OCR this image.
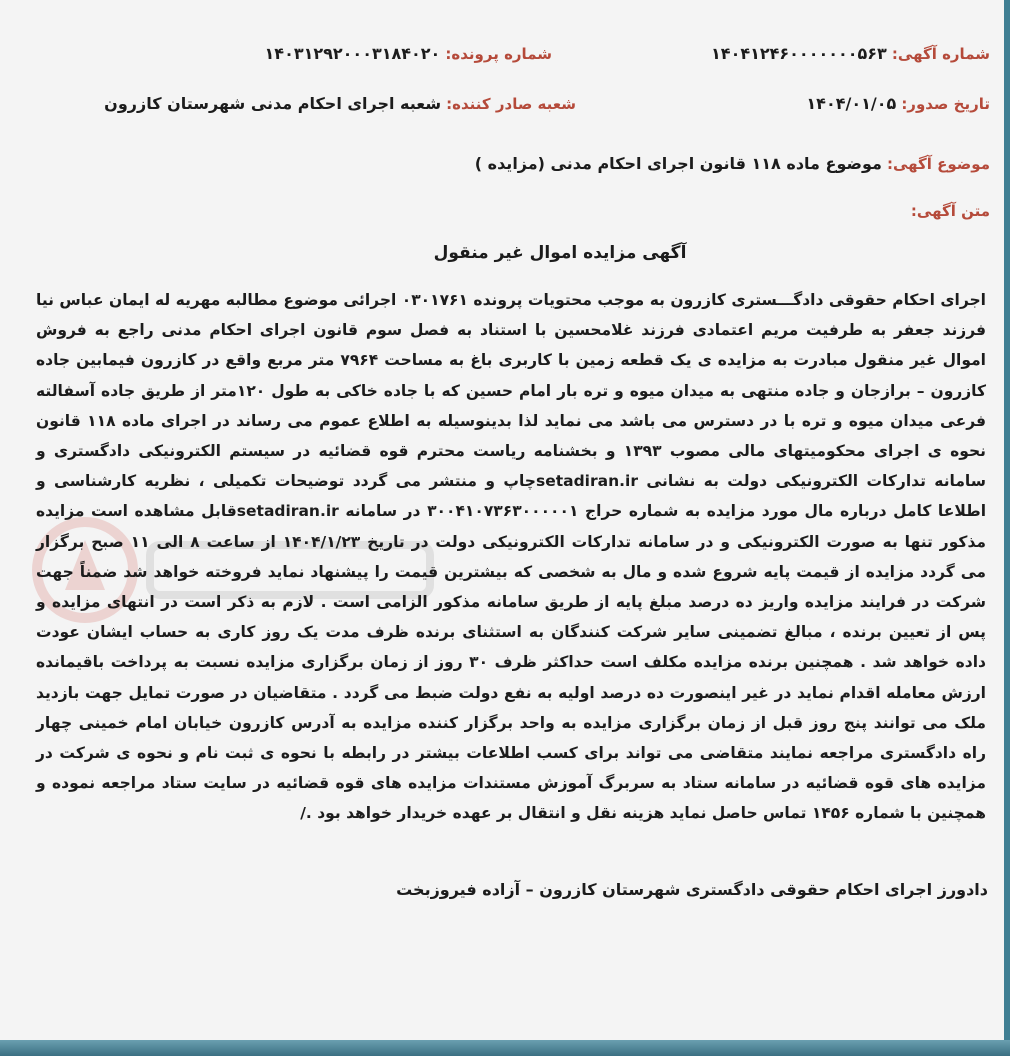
شماره آگهی: ۱۴۰۴۱۲۴۶۰۰۰۰۰۰۰۵۶۳
شماره پرونده: ۱۴۰۳۱۲۹۲۰۰۰۳۱۸۴۰۲۰
تاریخ صدور: ۱۴۰۴/۰۱/۰۵
شعبه صادر کننده: شعبه اجرای احکام مدنی شهرستان کازرون
موضوع آگهی: موضوع ماده ۱۱۸ قانون اجرای احکام مدنی (مزایده )
متن آگهی:
آگهی مزایده اموال غیر منقول
اجرای احکام حقوقی دادگـــستری کازرون به موجب محتویات پرونده ۰۳۰۱۷۶۱ اجرائی موضوع مطالبه مهریه له ایمان عباس نیا فرزند جعفر به طرفیت مریم اعتمادی فرزند غلامحسین با استناد به فصل سوم قانون اجرای احکام مدنی راجع به فروش اموال غیر منقول مبادرت به مزایده ی یک قطعه زمین با کاربری باغ به مساحت ۷۹۶۴ متر مربع واقع در کازرون فیمابین جاده کازرون – برازجان و جاده منتهی به میدان میوه و تره بار امام حسین که با جاده خاکی به طول ۱۲۰متر از طریق جاده آسفالته فرعی میدان میوه و تره با در دسترس می باشد می نماید لذا بدینوسیله به اطلاع عموم می رساند در اجرای ماده ۱۱۸ قانون نحوه ی اجرای محکومیتهای مالی مصوب ۱۳۹۳ و بخشنامه ریاست محترم قوه قضائیه در سیستم الکترونیکی دادگستری و سامانه تدارکات الکترونیکی دولت به نشانی setadiran.irچاپ و منتشر می گردد توضیحات تکمیلی ، نظریه کارشناسی و اطلاعا کامل درباره مال مورد مزایده به شماره حراج ۳۰۰۴۱۰۷۳۶۳۰۰۰۰۰۱ در سامانه setadiran.irقابل مشاهده است مزایده مذکور تنها به صورت الکترونیکی و در سامانه تدارکات الکترونیکی دولت در تاریخ ۱۴۰۴/۱/۲۳ از ساعت ۸ الی ۱۱ صبح برگزار می گردد مزایده از قیمت پایه شروع شده و مال به شخصی که بیشترین قیمت را پیشنهاد نماید فروخته خواهد شد ضمناً جهت شرکت در فرایند مزایده واریز ده درصد مبلغ پایه از طریق سامانه مذکور الزامی است . لازم به ذکر است در انتهای مزایده و پس از تعیین برنده ، مبالغ تضمینی سایر شرکت کنندگان به استثنای برنده ظرف مدت یک روز کاری به حساب ایشان عودت داده خواهد شد . همچنین برنده مزایده مکلف است حداکثر ظرف ۳۰ روز از زمان برگزاری مزایده نسبت به پرداخت باقیمانده ارزش معامله اقدام نماید در غیر اینصورت ده درصد اولیه به نفع دولت ضبط می گردد . متقاضیان در صورت تمایل جهت بازدید ملک می توانند پنج روز قبل از زمان برگزاری مزایده به واحد برگزار کننده مزایده به آدرس کازرون خیابان امام خمینی چهار راه دادگستری مراجعه نمایند متقاضی می تواند برای کسب اطلاعات بیشتر در رابطه با نحوه ی ثبت نام و نحوه ی شرکت در مزایده های قوه قضائیه در سامانه ستاد به سربرگ آموزش مستندات مزایده های قوه قضائیه در سایت ستاد مراجعه نموده و همچنین با شماره ۱۴۵۶ تماس حاصل نماید هزینه نقل و انتقال بر عهده خریدار خواهد بود ./
دادورز اجرای احکام حقوقی دادگستری شهرستان کازرون – آزاده فیروزبخت
